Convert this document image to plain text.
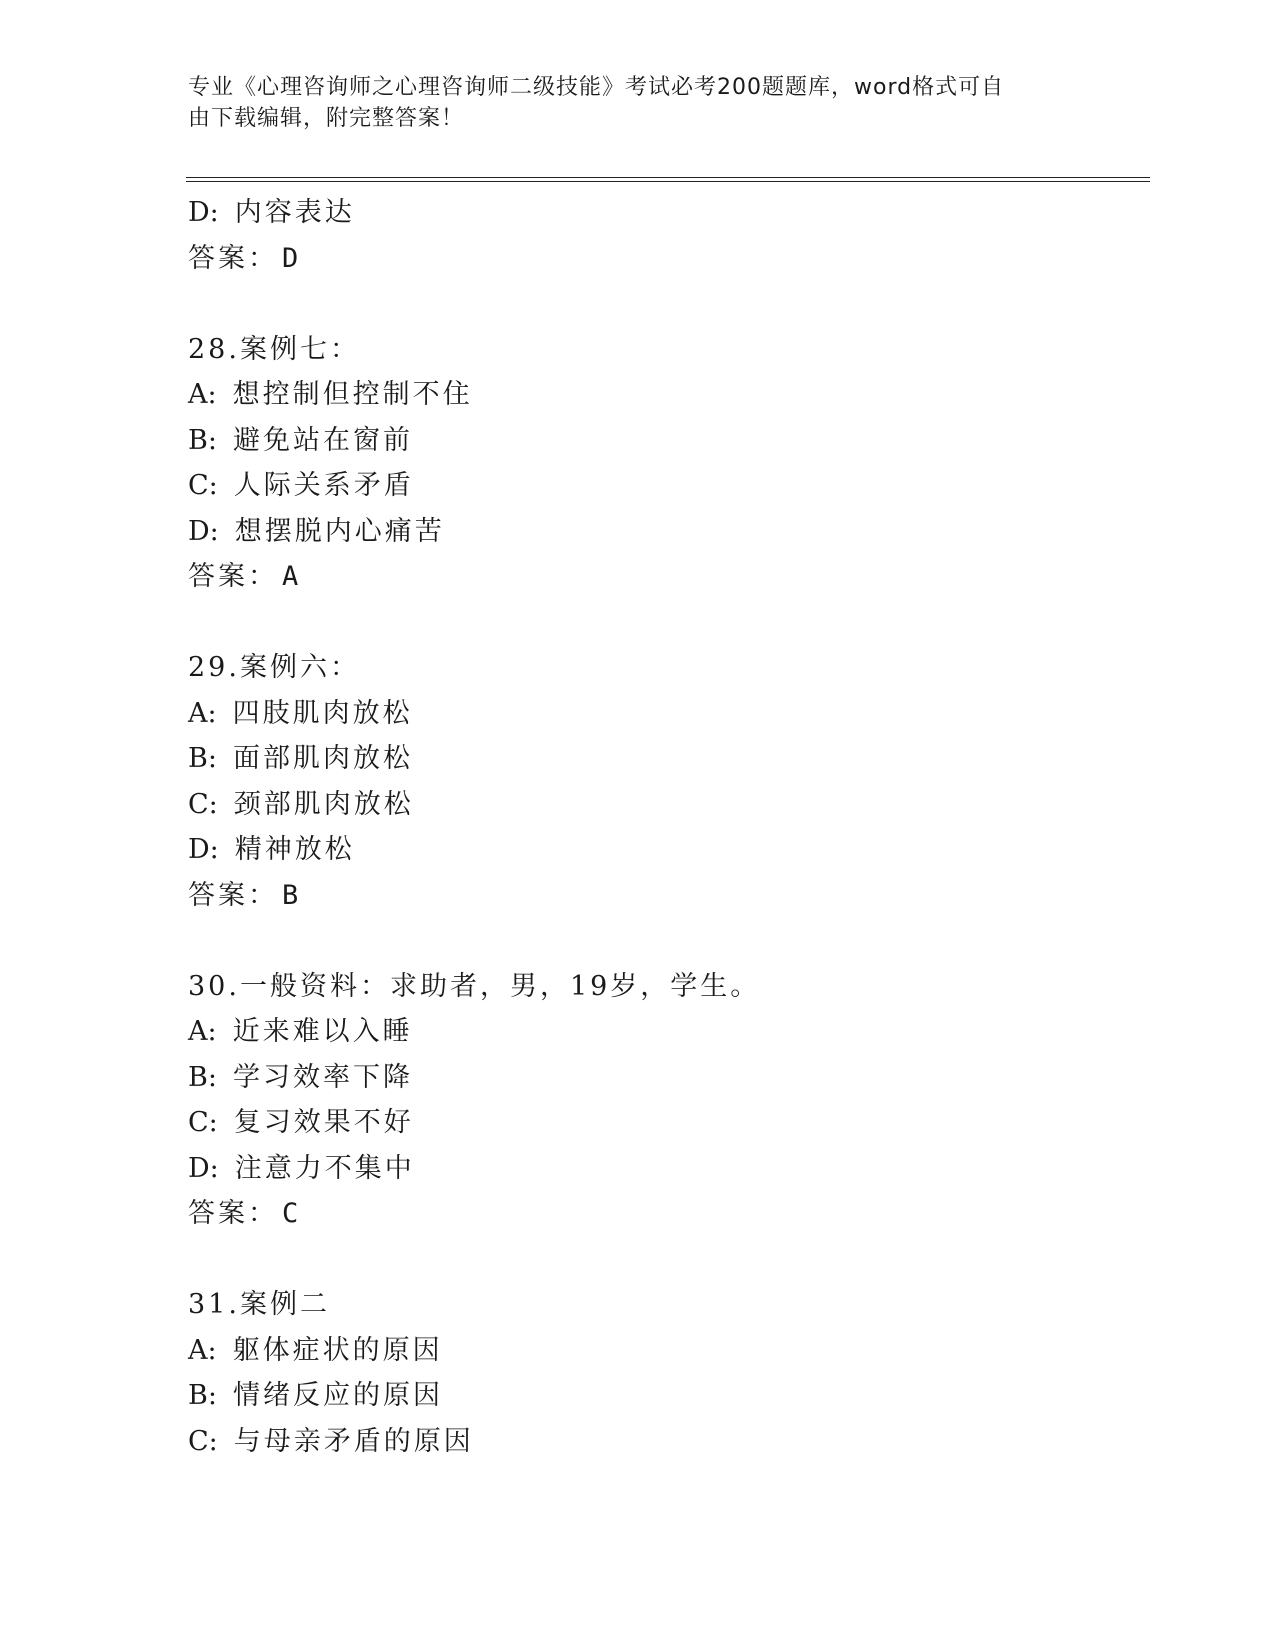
专业《心理咨询师之心理咨询师二级技能》考试必考200题题库，word格式可自
由下载编辑，附完整答案！
D: 内容表达
答案： D
28.案例七：
A: 想控制但控制不住
B: 避免站在窗前
C: 人际关系矛盾
D: 想摆脱内心痛苦
答案： A
29.案例六：
A: 四肢肌肉放松
B: 面部肌肉放松
C: 颈部肌肉放松
D: 精神放松
答案： B
30.一般资料：求助者，男，19岁，学生。
A: 近来难以入睡
B: 学习效率下降
C: 复习效果不好
D: 注意力不集中
答案： C
31.案例二
A: 躯体症状的原因
B: 情绪反应的原因
C: 与母亲矛盾的原因
